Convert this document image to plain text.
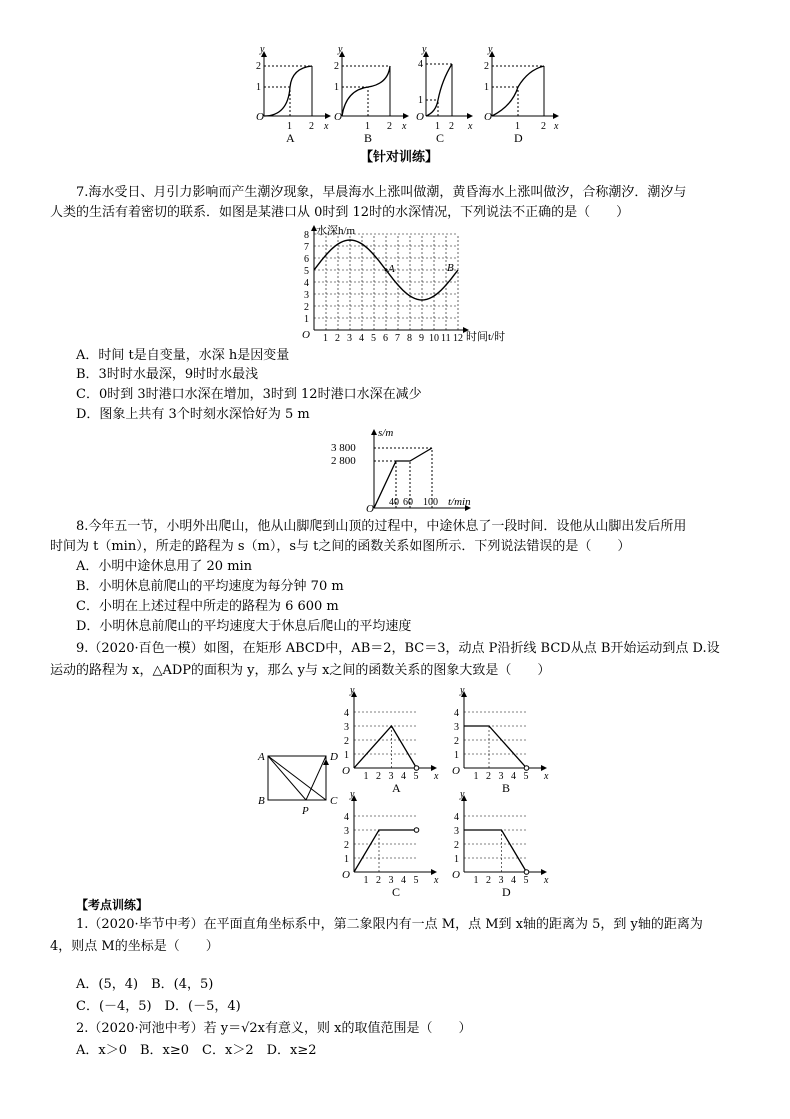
O
1
2
1 2
y
x
A
O
1
2
1 2
y
x
B
O
1
4
1 2
y
x
C
O
1
2
1 2
y
x
D
【针对训练】
7.海水受日、月引力影响而产生潮汐现象，早晨海水上涨叫做潮，黄昏海水上涨叫做汐，合称潮汐．潮汐与
人类的生活有着密切的联系．如图是某港口从 0时到 12时的水深情况，下列说法不正确的是（　　）
1
2
3
4
5
6
7
8
1 2 3 4 5 6 7 8 9 10 11 12
O
水深h/m
时间t/时
A	B
A．时间 t是自变量，水深 h是因变量
B．3时时水最深，9时时水最浅
C．0时到 3时港口水深在增加，3时到 12时港口水深在减少
D．图象上共有 3个时刻水深恰好为 5 m
3 800
2 800
O
40 60 100
s/m
t/min
8.今年五一节，小明外出爬山，他从山脚爬到山顶的过程中，中途休息了一段时间．设他从山脚出发后所用
时间为 t（min），所走的路程为 s（m），s与 t之间的函数关系如图所示．下列说法错误的是（　　）
A．小明中途休息用了 20 min
B．小明休息前爬山的平均速度为每分钟 70 m
C．小明在上述过程中所走的路程为 6 600 m
D．小明休息前爬山的平均速度大于休息后爬山的平均速度
9.（2020·百色一模）如图，在矩形 ABCD中，AB＝2，BC＝3，动点 P沿折线 BCD从点 B开始运动到点 D.设
运动的路程为 x，△ADP的面积为 y，那么 y与 x之间的函数关系的图象大致是（　　）
A	D
B	C
P
1
2
3
4
1 2 3 4 5
O
y
x
A
1
2
3
4
1 2 3 4 5
O
y
x
B
1
2
3
4
1 2 3 4 5
O
y
x
C
1
2
3
4
1 2 3 4 5
O
y
x
D
【考点训练】
1.（2020·毕节中考）在平面直角坐标系中，第二象限内有一点 M，点 M到 x轴的距离为 5，到 y轴的距离为
4，则点 M的坐标是（　　）
A．(5，4)　B．(4，5)
C．(－4，5)　D．(－5，4)
2.（2020·河池中考）若 y＝√2x有意义，则 x的取值范围是（　　）
A．x＞0　B．x≥0　C．x＞2　D．x≥2
